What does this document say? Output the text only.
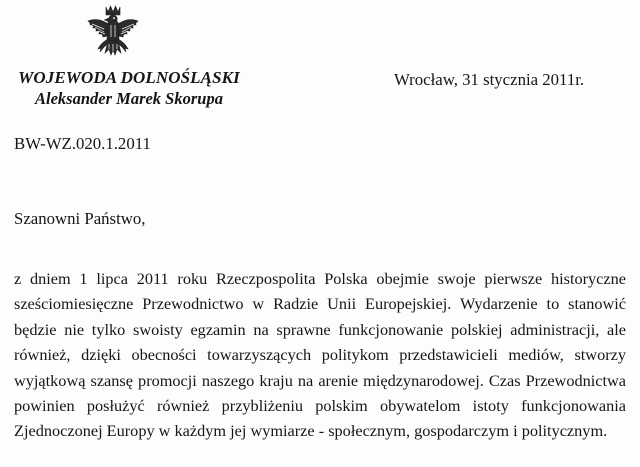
WOJEWODA DOLNOŚLĄSKI
Aleksander Marek Skorupa
Wrocław, 31 stycznia 2011r.
BW-WZ.020.1.2011
Szanowni Państwo,
z dniem 1 lipca 2011 roku Rzeczpospolita Polska obejmie swoje pierwsze historyczne
sześciomiesięczne Przewodnictwo w Radzie Unii Europejskiej. Wydarzenie to stanowić
będzie nie tylko swoisty egzamin na sprawne funkcjonowanie polskiej administracji, ale
również, dzięki obecności towarzyszących politykom przedstawicieli mediów, stworzy
wyjątkową szansę promocji naszego kraju na arenie międzynarodowej. Czas Przewodnictwa
powinien posłużyć również przybliżeniu polskim obywatelom istoty funkcjonowania
Zjednoczonej Europy w każdym jej wymiarze - społecznym, gospodarczym i politycznym.
